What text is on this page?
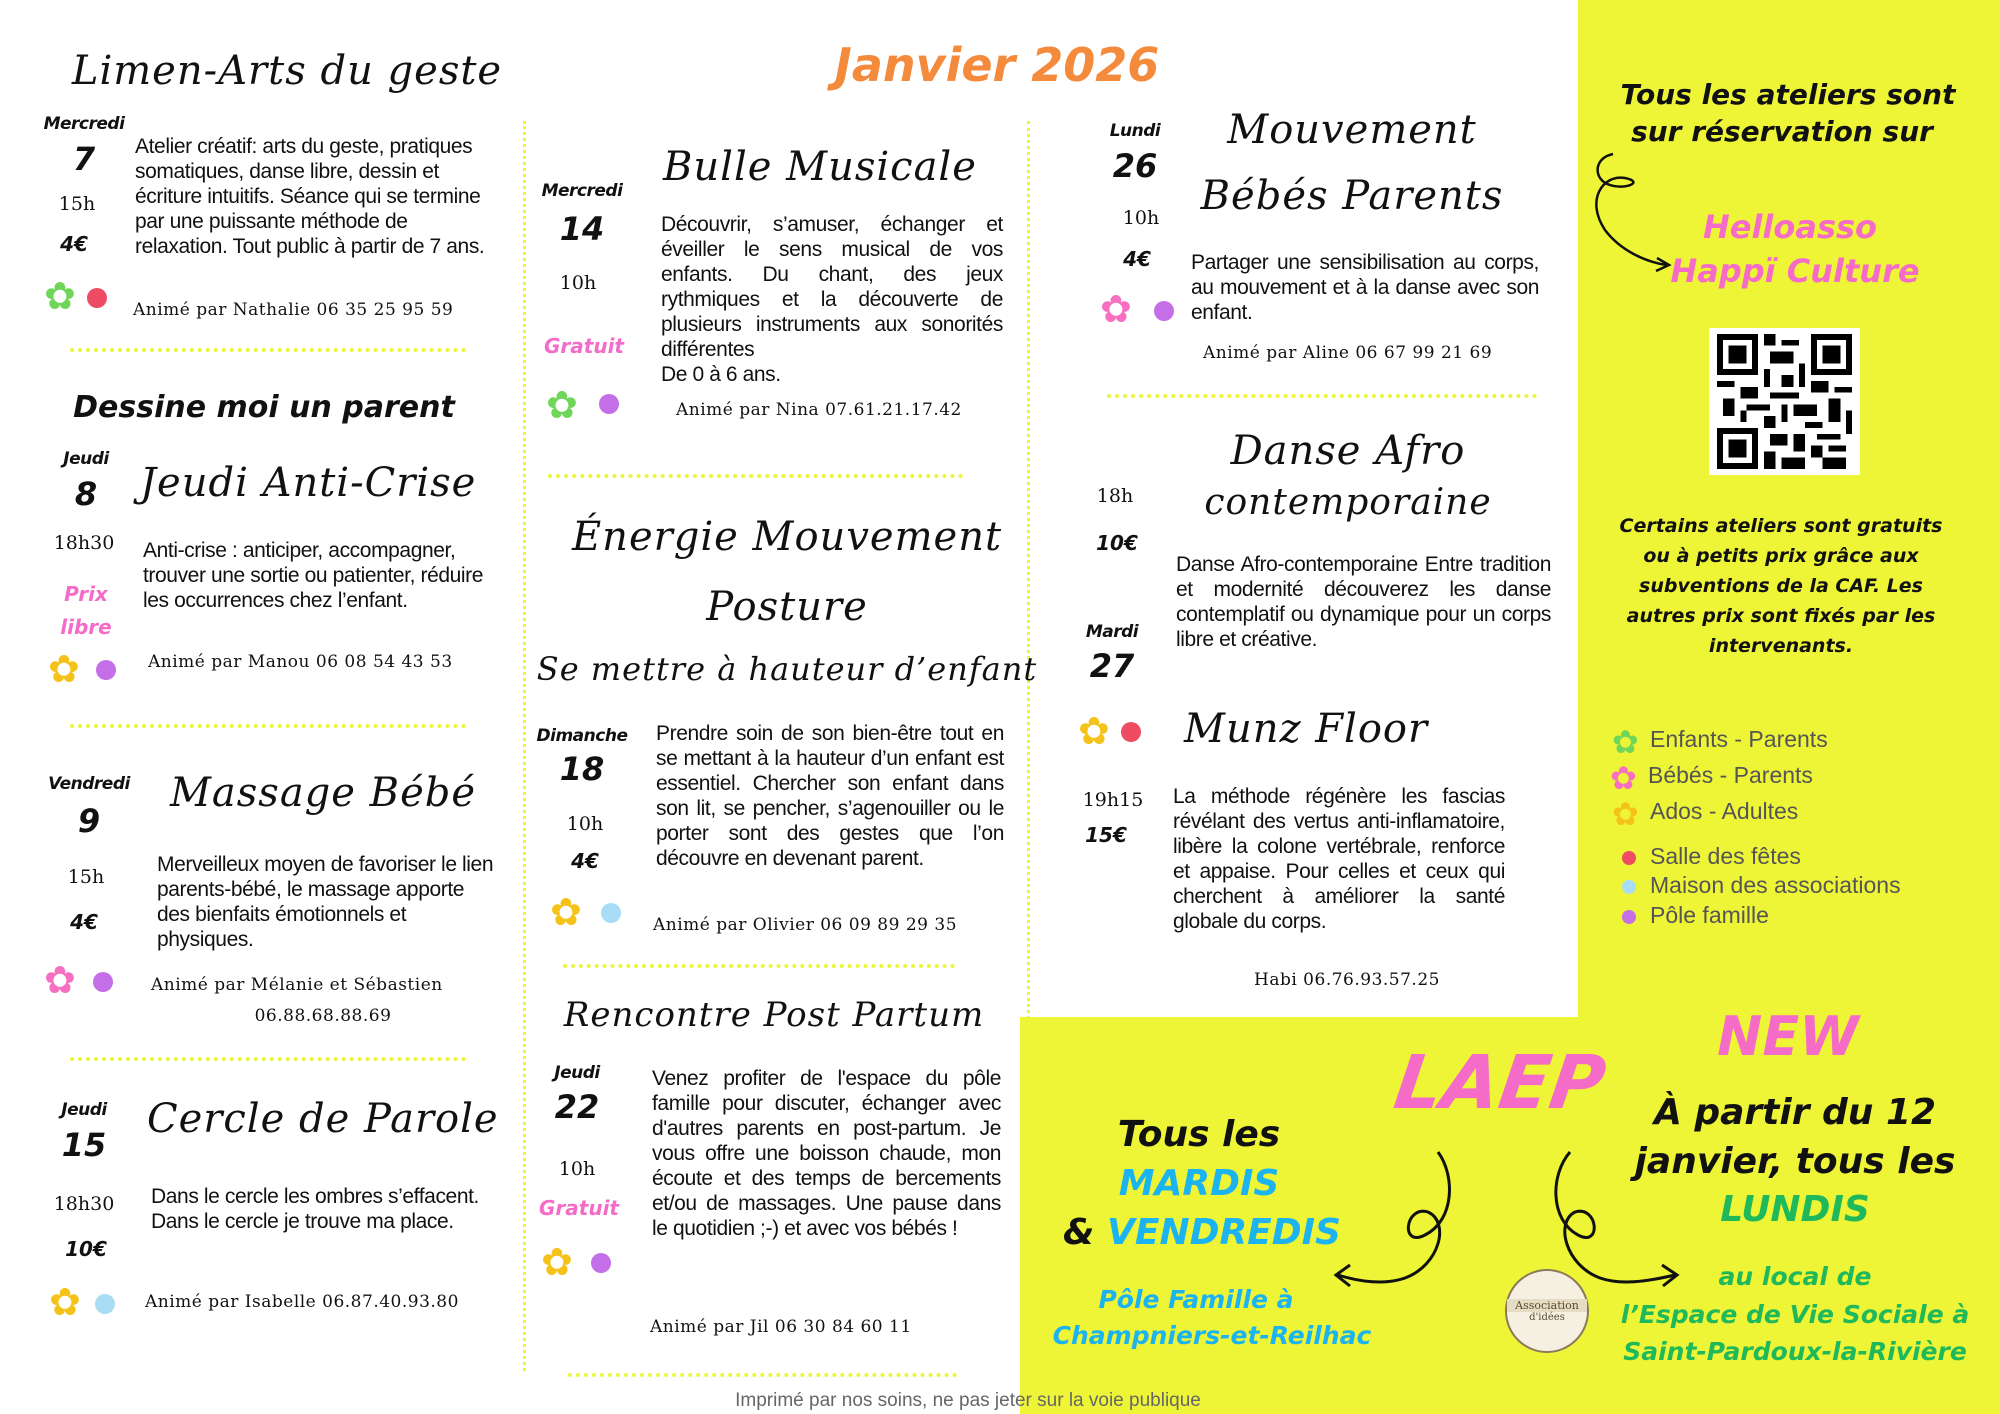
Janvier 2026
Limen-Arts du geste
Mercredi
7
15h
4€
✿
Atelier créatif: arts du geste, pratiques somatiques, danse libre, dessin et écriture intuitifs. Séance qui se termine par une puissante méthode de relaxation. Tout public à partir de 7 ans.
Animé par Nathalie 06 35 25 95 59
Dessine moi un parent
Jeudi
8 Jeudi Anti-Crise
18h30
Prix libre
✿
Anti-crise : anticiper, accompagner, trouver une sortie ou patienter, réduire les occurrences chez l’enfant.
Animé par Manou 06 08 54 43 53
Vendredi
9
Massage Bébé
15h
4€
✿
Merveilleux moyen de favoriser le lien parents-bébé, le massage apporte des bienfaits émotionnels et physiques.
Animé par Mélanie et Sébastien
06.88.68.88.69
Jeudi
15
Cercle de Parole
18h30
10€
✿
Dans le cercle les ombres s’effacent. Dans le cercle je trouve ma place.
Animé par Isabelle 06.87.40.93.80
Bulle Musicale
Mercredi
14
10h
Gratuit
✿
Découvrir, s’amuser, échanger et éveiller le sens musical de vos enfants. Du chant, des jeux rythmiques et la découverte de plusieurs instruments aux sonorités différentes
De 0 à 6 ans.
Animé par Nina 07.61.21.17.42
Énergie Mouvement
Posture
Se mettre à hauteur d’enfant
Dimanche
18
10h
4€
✿
Prendre soin de son bien-être tout en se mettant à la hauteur d’un enfant est essentiel. Chercher son enfant dans son lit, se pencher, s’agenouiller ou le porter sont des gestes que l’on découvre en devenant parent.
Animé par Olivier 06 09 89 29 35
Rencontre Post Partum
Jeudi
22
10h
Gratuit
✿
Venez profiter de l'espace du pôle famille pour discuter, échanger avec d'autres parents en post-partum. Je vous offre une boisson chaude, mon écoute et des temps de bercements et/ou de massages. Une pause dans le quotidien ;-) et avec vos bébés !
Animé par Jil 06 30 84 60 11
Mouvement
Bébés Parents
Lundi
26
10h
4€
✿
Partager une sensibilisation au corps, au mouvement et à la danse avec son enfant.
Animé par Aline 06 67 99 21 69
Danse Afro
contemporaine
18h
10€
Danse Afro-contemporaine Entre tradition et modernité découverez les danse contemplatif ou dynamique pour un corps libre et créative.
Mardi
27
✿ Munz Floor
19h15
15€
La méthode régénère les fascias révélant des vertus anti-inflamatoire, libère la colone vertébrale, renforce et appaise. Pour celles et ceux qui cherchent à améliorer la santé globale du corps.
Habi 06.76.93.57.25
Tous les ateliers sont
sur réservation sur
Helloasso
Happï Culture
Certains ateliers sont gratuits
ou à petits prix grâce aux
subventions de la CAF. Les
autres prix sont fixés par les
intervenants.
✿ Enfants - Parents
✿ Bébés - Parents
✿ Ados - Adultes
Salle des fêtes
Maison des associations
Pôle famille
LAEP
NEW
Tous les
MARDIS
& VENDREDIS
Pôle Famille à
Champniers-et-Reilhac
À partir du 12
janvier, tous les
LUNDIS
au local de
l’Espace de Vie Sociale à
Saint-Pardoux-la-Rivière
Association
d'idées
Imprimé par nos soins, ne pas jeter sur la voie publique
